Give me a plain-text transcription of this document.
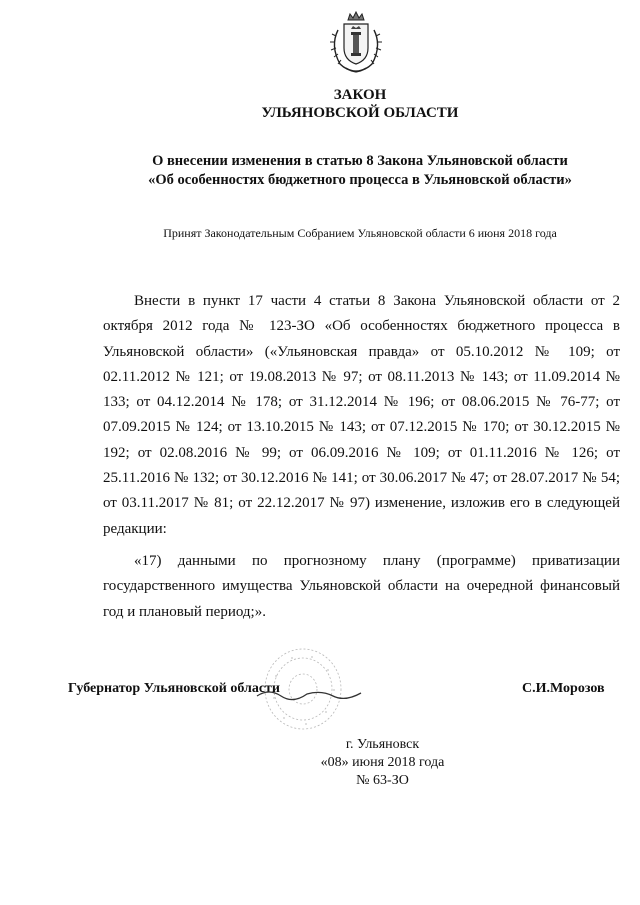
ЗАКОН
УЛЬЯНОВСКОЙ ОБЛАСТИ
О внесении изменения в статью 8 Закона Ульяновской области
«Об особенностях бюджетного процесса в Ульяновской области»
Принят Законодательным Собранием Ульяновской области 6 июня 2018 года

Внести в пункт 17 части 4 статьи 8 Закона Ульяновской области от 2 октября 2012 года № 123-ЗО «Об особенностях бюджетного процесса в Ульяновской области» («Ульяновская правда» от 05.10.2012 № 109; от 02.11.2012 № 121; от 19.08.2013 № 97; от 08.11.2013 № 143; от 11.09.2014 № 133; от 04.12.2014 № 178; от 31.12.2014 № 196; от 08.06.2015 № 76-77; от 07.09.2015 № 124; от 13.10.2015 № 143; от 07.12.2015 № 170; от 30.12.2015 № 192; от 02.08.2016 № 99; от 06.09.2016 № 109; от 01.11.2016 № 126; от 25.11.2016 № 132; от 30.12.2016 № 141; от 30.06.2017 № 47; от 28.07.2017 № 54; от 03.11.2017 № 81; от 22.12.2017 № 97) изменение, изложив его в следующей редакции:

«17) данными по прогнозному плану (программе) приватизации государственного имущества Ульяновской области на очередной финансовый год и плановый период;».

Губернатор Ульяновской области	С.И.Морозов
г. Ульяновск
«08» июня 2018 года
№ 63-ЗО
